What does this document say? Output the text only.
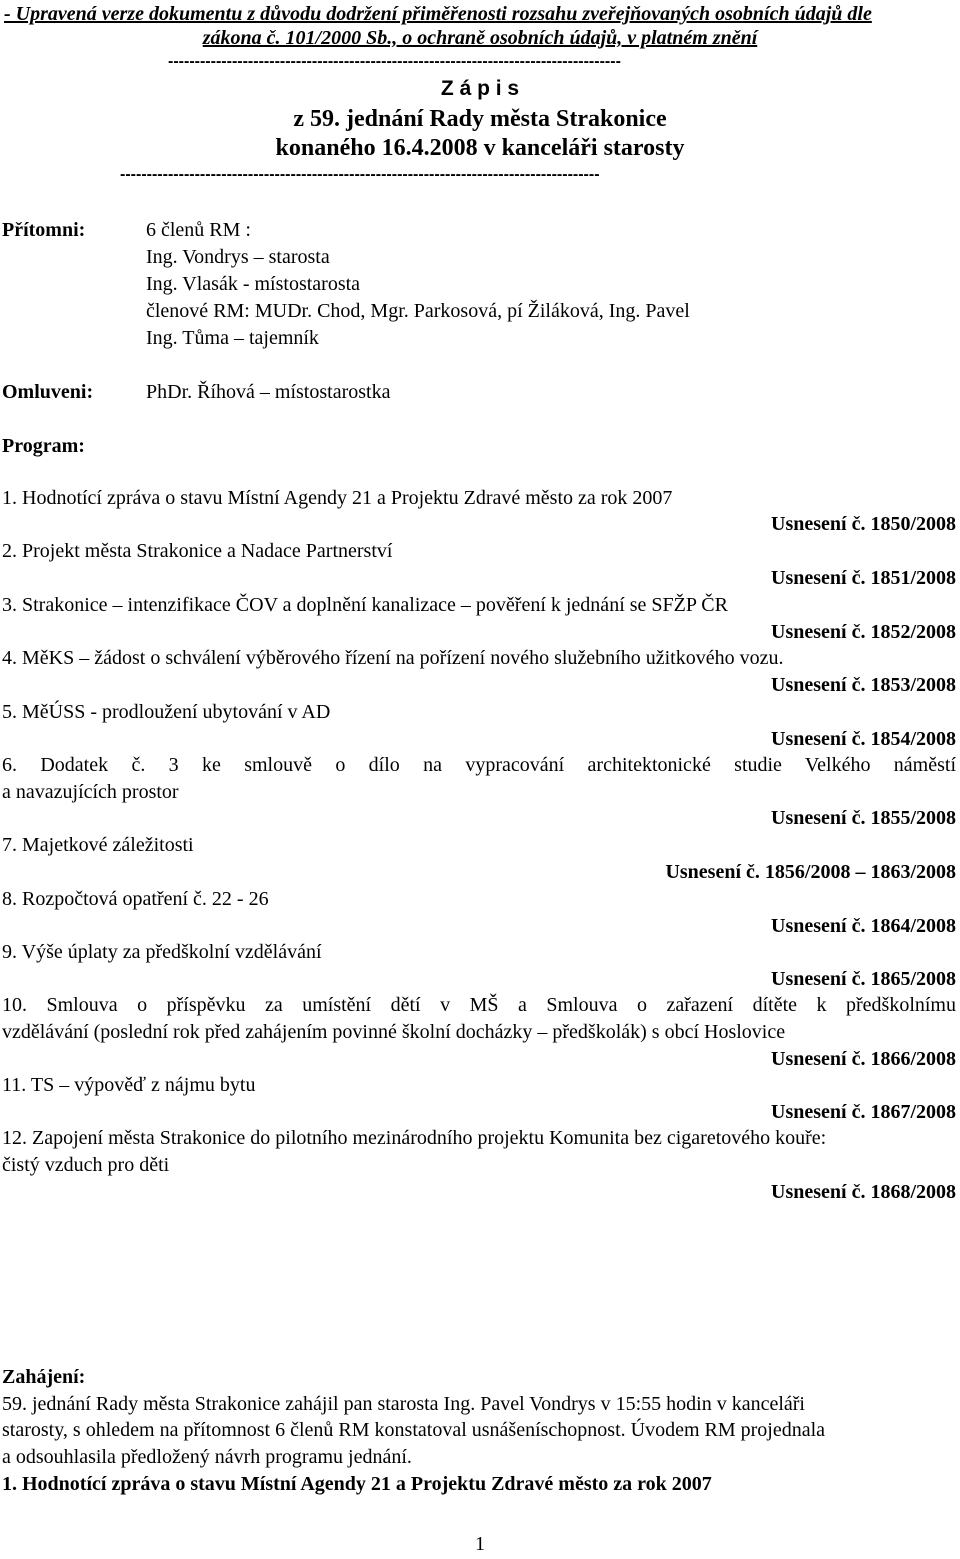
- Upravená verze dokumentu z důvodu dodržení přiměřenosti rozsahu zveřejňovaných osobních údajů dle
zákona č. 101/2000 Sb., o ochraně osobních údajů, v platném znění
-------------------------------------------------------------------------------------
Z á p i s
z 59. jednání Rady města Strakonice
konaného 16.4.2008 v kanceláři starosty
------------------------------------------------------------------------------------------
Přítomni:	6 členů RM :
Ing. Vondrys – starosta
Ing. Vlasák - místostarosta
členové RM: MUDr. Chod, Mgr. Parkosová, pí Žiláková, Ing. Pavel
Ing. Tůma – tajemník
Omluveni:	PhDr. Říhová – místostarostka
Program:
1. Hodnotící zpráva o stavu Místní Agendy 21 a Projektu Zdravé město za rok 2007
Usnesení č. 1850/2008
2. Projekt města Strakonice a Nadace Partnerství
Usnesení č. 1851/2008
3. Strakonice – intenzifikace ČOV a doplnění kanalizace – pověření k jednání se SFŽP ČR
Usnesení č. 1852/2008
4. MěKS – žádost o schválení výběrového řízení na pořízení nového služebního užitkového vozu.
Usnesení č. 1853/2008
5. MěÚSS - prodloužení ubytování v AD
Usnesení č. 1854/2008
6. Dodatek č. 3 ke smlouvě o dílo na vypracování architektonické studie Velkého náměstí
a navazujících prostor
Usnesení č. 1855/2008
7. Majetkové záležitosti
Usnesení č. 1856/2008 – 1863/2008
8. Rozpočtová opatření č. 22 - 26
Usnesení č. 1864/2008
9. Výše úplaty za předškolní vzdělávání
Usnesení č. 1865/2008
10. Smlouva o příspěvku za umístění dětí v MŠ a Smlouva o zařazení dítěte k předškolnímu
vzdělávání (poslední rok před zahájením povinné školní docházky – předškolák) s obcí Hoslovice
Usnesení č. 1866/2008
11. TS – výpověď z nájmu bytu
Usnesení č. 1867/2008
12. Zapojení města Strakonice do pilotního mezinárodního projektu Komunita bez cigaretového kouře:
čistý vzduch pro děti
Usnesení č. 1868/2008
Zahájení:
59. jednání Rady města Strakonice zahájil pan starosta Ing. Pavel Vondrys v 15:55 hodin v kanceláři
starosty, s ohledem na přítomnost 6 členů RM konstatoval usnášeníschopnost. Úvodem RM projednala
a odsouhlasila předložený návrh programu jednání.
1. Hodnotící zpráva o stavu Místní Agendy 21 a Projektu Zdravé město za rok 2007
1
